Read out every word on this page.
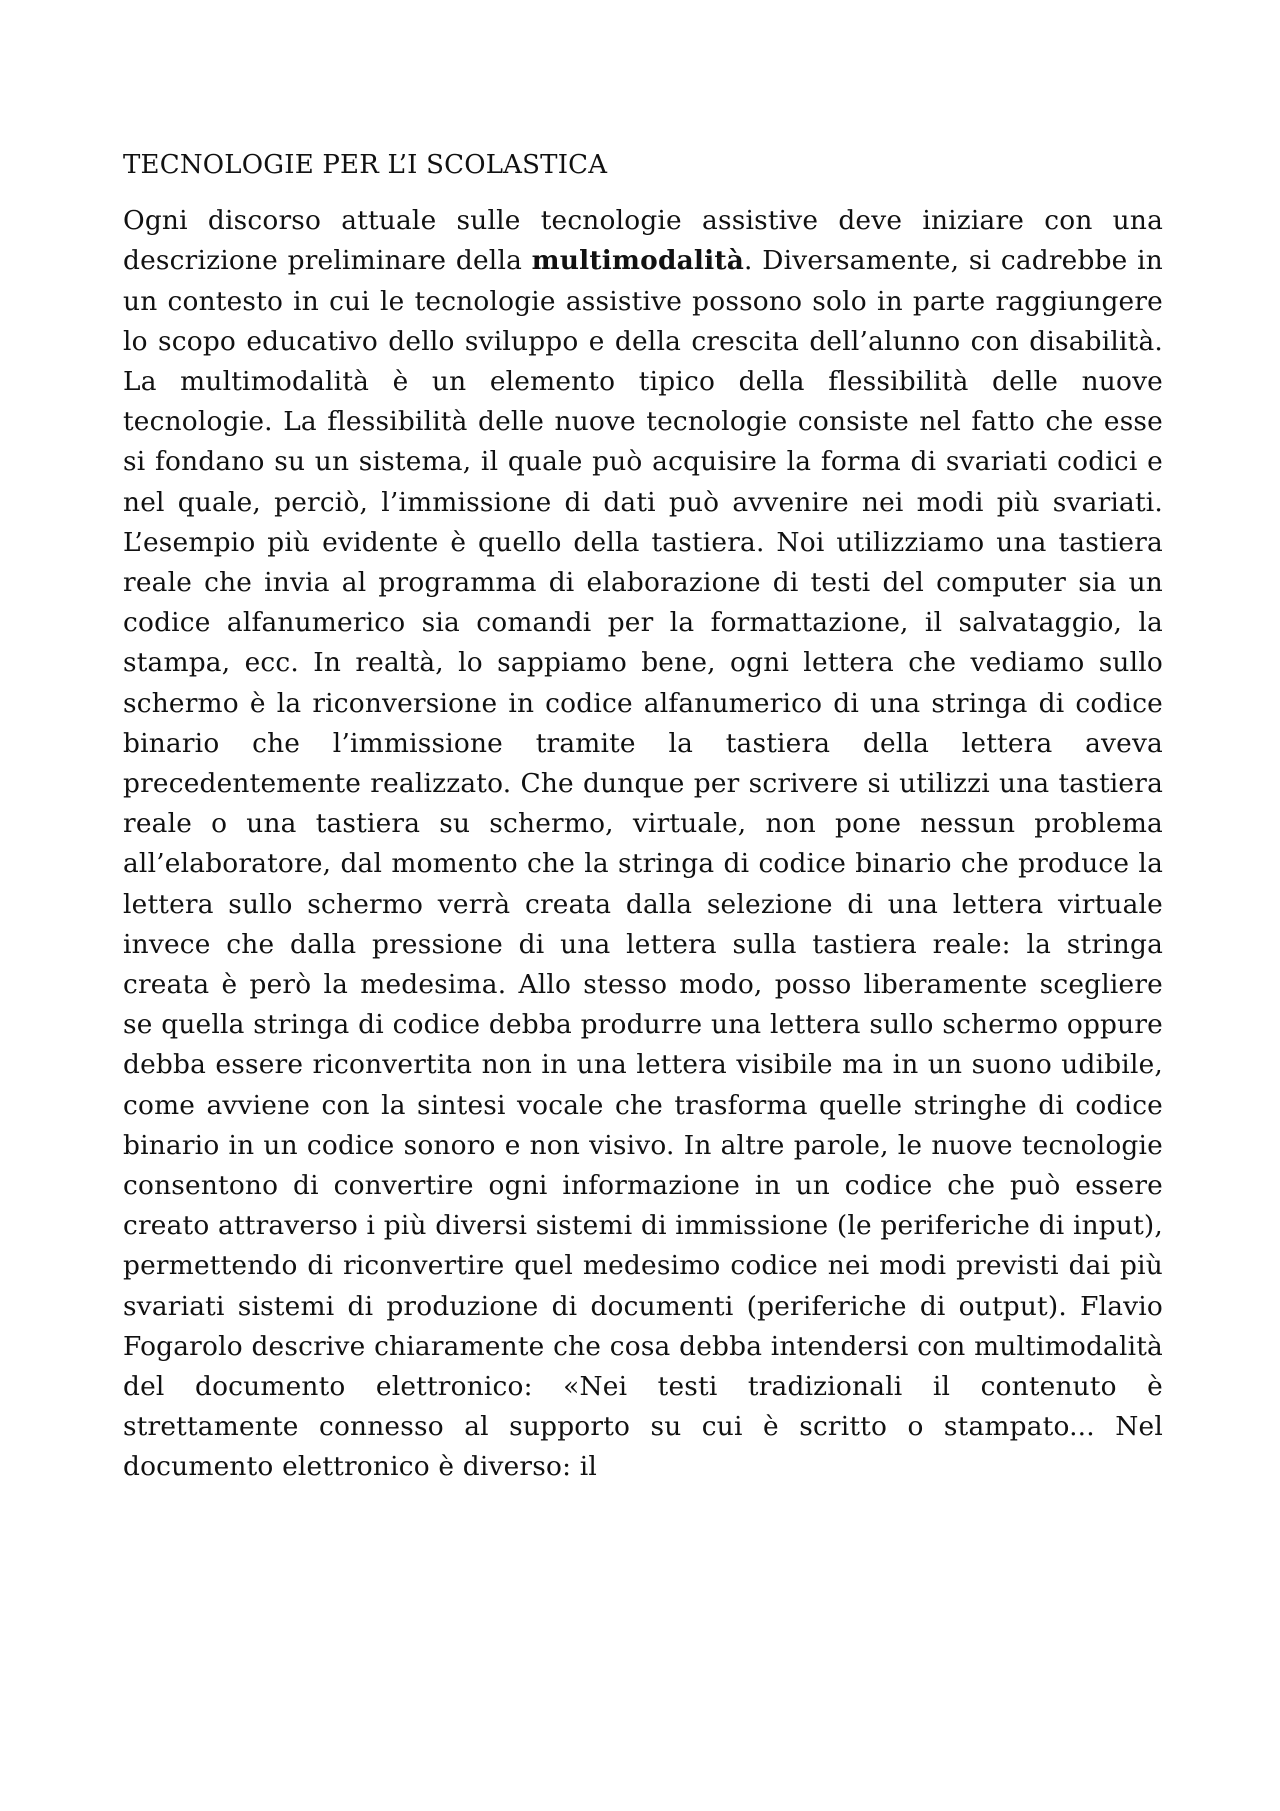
TECNOLOGIE PER L’I SCOLASTICA

Ogni discorso attuale sulle tecnologie assistive deve iniziare con una descrizione preliminare della multimodalità. Diversamente, si cadrebbe in un contesto in cui le tecnologie assistive possono solo in parte raggiungere lo scopo educativo dello sviluppo e della crescita dell’alunno con disabilità. La multimodalità è un elemento tipico della flessibilità delle nuove tecnologie. La flessibilità delle nuove tecnologie consiste nel fatto che esse si fondano su un sistema, il quale può acquisire la forma di svariati codici e nel quale, perciò, l’immissione di dati può avvenire nei modi più svariati. L’esempio più evidente è quello della tastiera. Noi utilizziamo una tastiera reale che invia al programma di elaborazione di testi del computer sia un codice alfanumerico sia comandi per la formattazione, il salvataggio, la stampa, ecc. In realtà, lo sappiamo bene, ogni lettera che vediamo sullo schermo è la riconversione in codice alfanumerico di una stringa di codice binario che l’immissione tramite la tastiera della lettera aveva precedentemente realizzato. Che dunque per scrivere si utilizzi una tastiera reale o una tastiera su schermo, virtuale, non pone nessun problema all’elaboratore, dal momento che la stringa di codice binario che produce la lettera sullo schermo verrà creata dalla selezione di una lettera virtuale invece che dalla pressione di una lettera sulla tastiera reale: la stringa creata è però la medesima. Allo stesso modo, posso liberamente scegliere se quella stringa di codice debba produrre una lettera sullo schermo oppure debba essere riconvertita non in una lettera visibile ma in un suono udibile, come avviene con la sintesi vocale che trasforma quelle stringhe di codice binario in un codice sonoro e non visivo. In altre parole, le nuove tecnologie consentono di convertire ogni informazione in un codice che può essere creato attraverso i più diversi sistemi di immissione (le periferiche di input), permettendo di riconvertire quel medesimo codice nei modi previsti dai più svariati sistemi di produzione di documenti (periferiche di output). Flavio Fogarolo descrive chiaramente che cosa debba intendersi con multimodalità del documento elettronico: «Nei testi tradizionali il contenuto è strettamente connesso al supporto su cui è scritto o stampato... Nel documento elettronico è diverso: il
